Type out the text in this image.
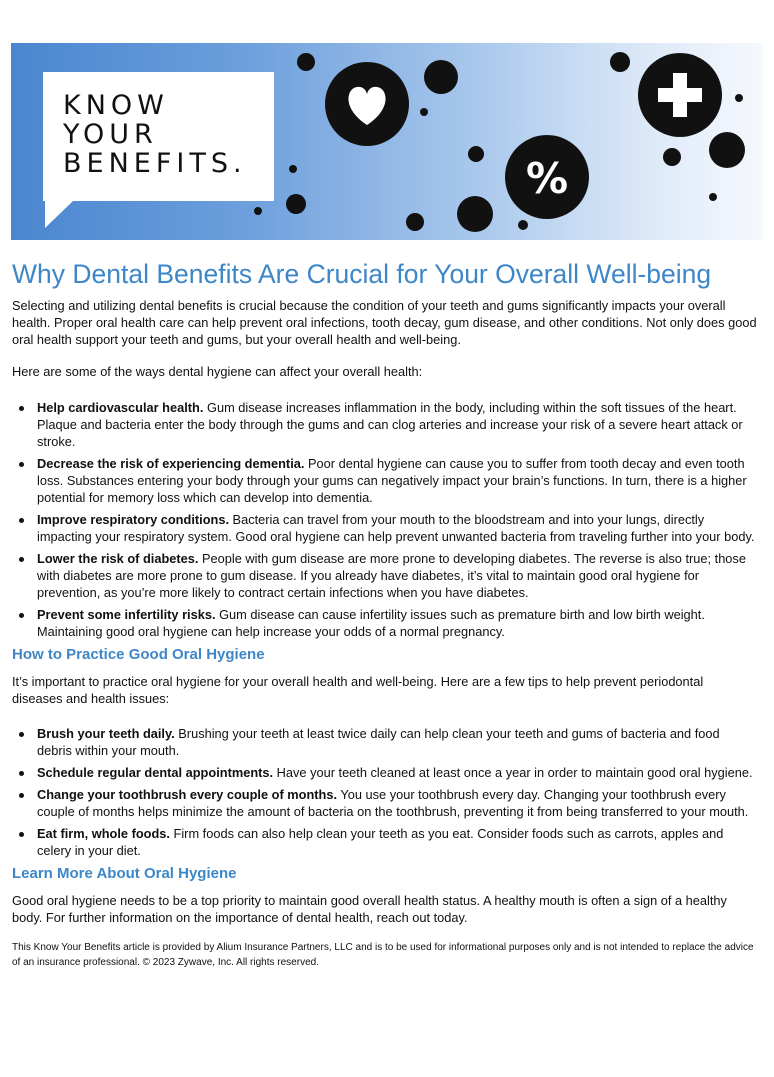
%
KNOW
YOUR
BENEFITS.
Why Dental Benefits Are Crucial for Your Overall Well-being

Selecting and utilizing dental benefits is crucial because the condition of your teeth and gums significantly impacts your overall health. Proper oral health care can help prevent oral infections, tooth decay, gum disease, and other conditions. Not only does good oral health support your teeth and gums, but your overall health and well-being.

Here are some of the ways dental hygiene can affect your overall health:

Help cardiovascular health. Gum disease increases inflammation in the body, including within the soft tissues of the heart. Plaque and bacteria enter the body through the gums and can clog arteries and increase your risk of a severe heart attack or stroke.
Decrease the risk of experiencing dementia. Poor dental hygiene can cause you to suffer from tooth decay and even tooth loss. Substances entering your body through your gums can negatively impact your brain’s functions. In turn, there is a higher potential for memory loss which can develop into dementia.
Improve respiratory conditions. Bacteria can travel from your mouth to the bloodstream and into your lungs, directly impacting your respiratory system. Good oral hygiene can help prevent unwanted bacteria from traveling further into your body.
Lower the risk of diabetes. People with gum disease are more prone to developing diabetes. The reverse is also true; those with diabetes are more prone to gum disease. If you already have diabetes, it’s vital to maintain good oral hygiene for prevention, as you’re more likely to contract certain infections when you have diabetes.
Prevent some infertility risks. Gum disease can cause infertility issues such as premature birth and low birth weight. Maintaining good oral hygiene can help increase your odds of a normal pregnancy.
How to Practice Good Oral Hygiene

It’s important to practice oral hygiene for your overall health and well-being. Here are a few tips to help prevent periodontal diseases and health issues:

Brush your teeth daily. Brushing your teeth at least twice daily can help clean your teeth and gums of bacteria and food debris within your mouth.
Schedule regular dental appointments. Have your teeth cleaned at least once a year in order to maintain good oral hygiene.
Change your toothbrush every couple of months. You use your toothbrush every day. Changing your toothbrush every couple of months helps minimize the amount of bacteria on the toothbrush, preventing it from being transferred to your mouth.
Eat firm, whole foods. Firm foods can also help clean your teeth as you eat. Consider foods such as carrots, apples and celery in your diet.
Learn More About Oral Hygiene

Good oral hygiene needs to be a top priority to maintain good overall health status. A healthy mouth is often a sign of a healthy body. For further information on the importance of dental health, reach out today.

This Know Your Benefits article is provided by Alium Insurance Partners, LLC and is to be used for informational purposes only and is not intended to replace the advice of an insurance professional. © 2023 Zywave, Inc. All rights reserved.
